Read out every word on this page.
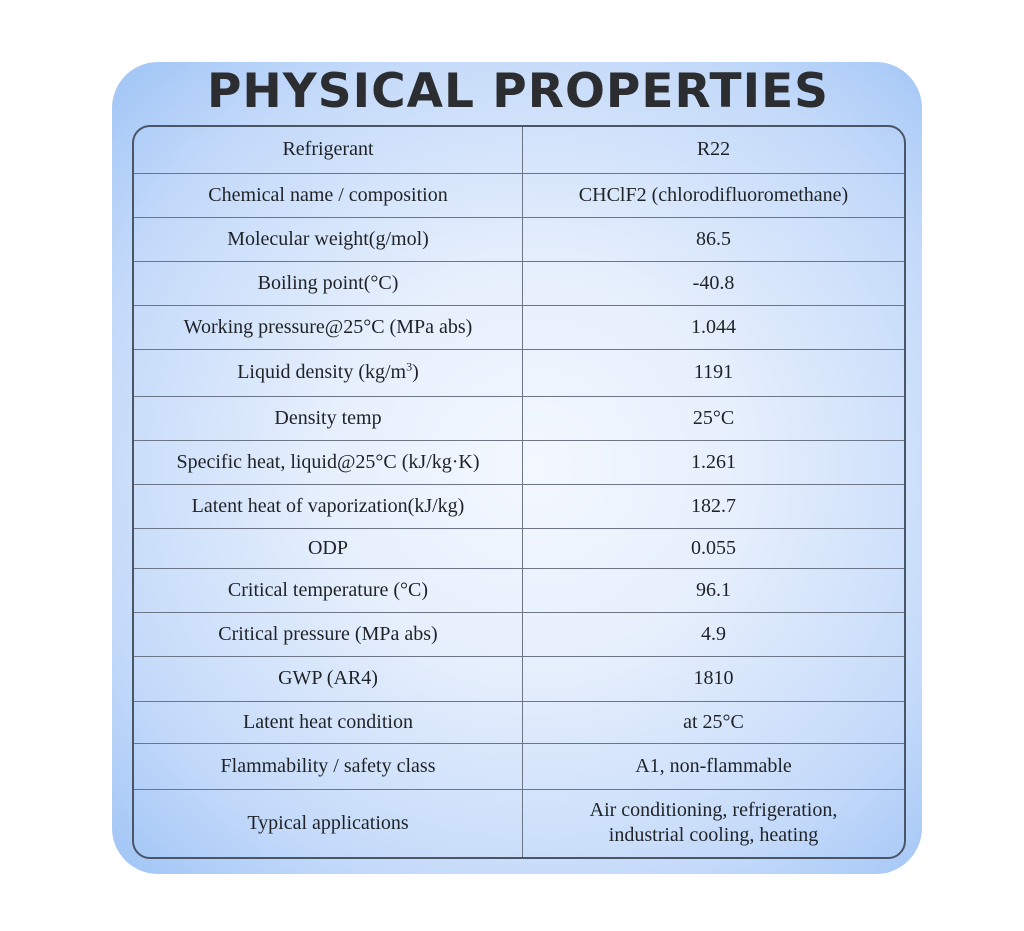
PHYSICAL PROPERTIES
Refrigerant	R22
Chemical name / composition	CHClF2 (chlorodifluoromethane)
Molecular weight(g/mol)	86.5
Boiling point(°C)	-40.8
Working pressure@25°C (MPa abs)	1.044
Liquid density $(kg/m^3)$	1191
Density temp	25°C
Specific heat, liquid@25°C (kJ/kg·K)	1.261
Latent heat of vaporization(kJ/kg)	182.7
ODP	0.055
Critical temperature (°C)	96.1
Critical pressure (MPa abs)	4.9
GWP (AR4)	1810
Latent heat condition	at 25°C
Flammability / safety class	A1, non-flammable
Typical applications	Air conditioning, refrigeration,
industrial cooling, heating
